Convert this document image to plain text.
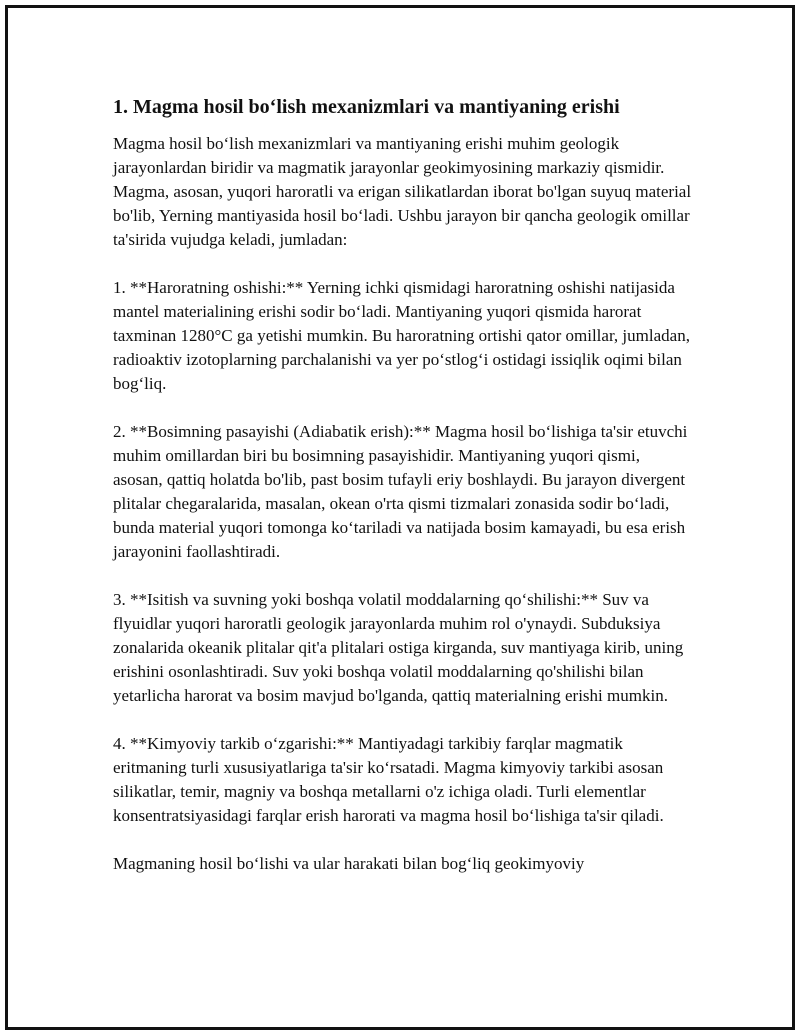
1. Magma hosil bo‘lish mexanizmlari va mantiyaning erishi

Magma hosil bo‘lish mexanizmlari va mantiyaning erishi muhim geologik jarayonlardan biridir va magmatik jarayonlar geokimyosining markaziy qismidir. Magma, asosan, yuqori haroratli va erigan silikatlardan iborat bo'lgan suyuq material bo'lib, Yerning mantiyasida hosil bo‘ladi. Ushbu jarayon bir qancha geologik omillar ta'sirida vujudga keladi, jumladan:

1. **Haroratning oshishi:** Yerning ichki qismidagi haroratning oshishi natijasida mantel materialining erishi sodir bo‘ladi. Mantiyaning yuqori qismida harorat taxminan 1280°C ga yetishi mumkin. Bu haroratning ortishi qator omillar, jumladan, radioaktiv izotoplarning parchalanishi va yer po‘stlog‘i ostidagi issiqlik oqimi bilan bog‘liq.

2. **Bosimning pasayishi (Adiabatik erish):** Magma hosil bo‘lishiga ta'sir etuvchi muhim omillardan biri bu bosimning pasayishidir. Mantiyaning yuqori qismi, asosan, qattiq holatda bo'lib, past bosim tufayli eriy boshlaydi. Bu jarayon divergent plitalar chegaralarida, masalan, okean o'rta qismi tizmalari zonasida sodir bo‘ladi, bunda material yuqori tomonga ko‘tariladi va natijada bosim kamayadi, bu esa erish jarayonini faollashtiradi.

3. **Isitish va suvning yoki boshqa volatil moddalarning qo‘shilishi:** Suv va flyuidlar yuqori haroratli geologik jarayonlarda muhim rol o'ynaydi. Subduksiya zonalarida okeanik plitalar qit'a plitalari ostiga kirganda, suv mantiyaga kirib, uning erishini osonlashtiradi. Suv yoki boshqa volatil moddalarning qo'shilishi bilan yetarlicha harorat va bosim mavjud bo'lganda, qattiq materialning erishi mumkin.

4. **Kimyoviy tarkib o‘zgarishi:** Mantiyadagi tarkibiy farqlar magmatik eritmaning turli xususiyatlariga ta'sir ko‘rsatadi. Magma kimyoviy tarkibi asosan silikatlar, temir, magniy va boshqa metallarni o'z ichiga oladi. Turli elementlar konsentratsiyasidagi farqlar erish harorati va magma hosil bo‘lishiga ta'sir qiladi.

Magmaning hosil bo‘lishi va ular harakati bilan bog‘liq geokimyoviy
